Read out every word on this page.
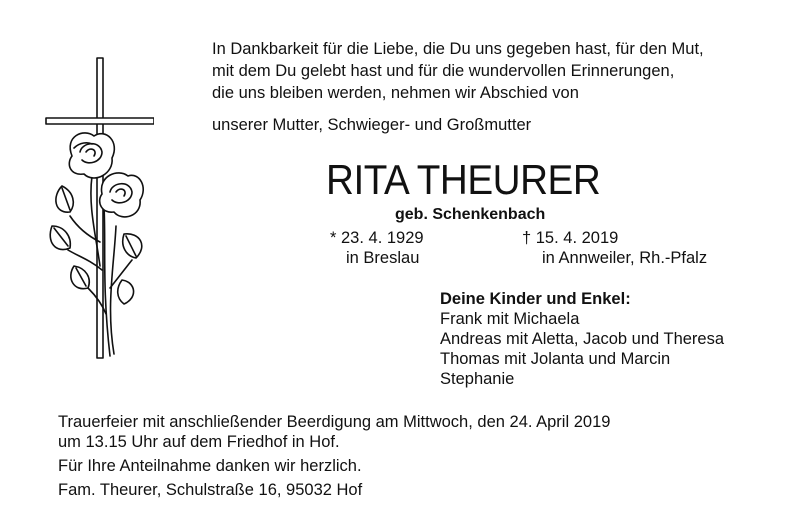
In Dankbarkeit für die Liebe, die Du uns gegeben hast, für den Mut,
mit dem Du gelebt hast und für die wundervollen Erinnerungen,
die uns bleiben werden, nehmen wir Abschied von
unserer Mutter, Schwieger- und Großmutter
RITA THEURER
geb. Schenkenbach
* 23. 4. 1929
in Breslau
† 15. 4. 2019
in Annweiler, Rh.-Pfalz
Deine Kinder und Enkel:
Frank mit Michaela
Andreas mit Aletta, Jacob und Theresa
Thomas mit Jolanta und Marcin
Stephanie
Trauerfeier mit anschließender Beerdigung am Mittwoch, den 24. April 2019
um 13.15 Uhr auf dem Friedhof in Hof.
Für Ihre Anteilnahme danken wir herzlich.
Fam. Theurer, Schulstraße 16, 95032 Hof
